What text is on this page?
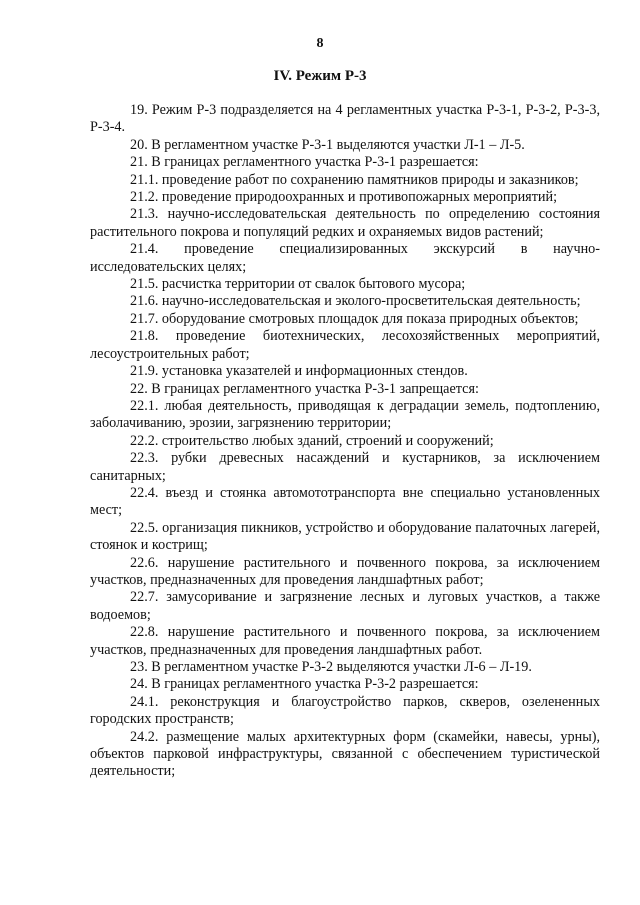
8
IV. Режим Р-3

19. Режим Р-3 подразделяется на 4 регламентных участка Р-3-1, Р-3-2, Р-3-3, Р-3-4.

20. В регламентном участке Р-3-1 выделяются участки Л-1 – Л-5.

21. В границах регламентного участка Р-3-1 разрешается:

21.1. проведение работ по сохранению памятников природы и заказников;

21.2. проведение природоохранных и противопожарных мероприятий;

21.3. научно-исследовательская деятельность по определению состояния растительного покрова и популяций редких и охраняемых видов растений;

21.4. проведение специализированных экскурсий в научно-исследовательских целях;

21.5. расчистка территории от свалок бытового мусора;

21.6. научно-исследовательская и эколого-просветительская деятельность;

21.7. оборудование смотровых площадок для показа природных объектов;

21.8. проведение биотехнических, лесохозяйственных мероприятий, лесоустроительных работ;

21.9. установка указателей и информационных стендов.

22. В границах регламентного участка Р-3-1 запрещается:

22.1. любая деятельность, приводящая к деградации земель, подтоплению, заболачиванию, эрозии, загрязнению территории;

22.2. строительство любых зданий, строений и сооружений;

22.3. рубки древесных насаждений и кустарников, за исключением санитарных;

22.4. въезд и стоянка автомототранспорта вне специально установленных мест;

22.5. организация пикников, устройство и оборудование палаточных лагерей, стоянок и кострищ;

22.6. нарушение растительного и почвенного покрова, за исключением участков, предназначенных для проведения ландшафтных работ;

22.7. замусоривание и загрязнение лесных и луговых участков, а также водоемов;

22.8. нарушение растительного и почвенного покрова, за исключением участков, предназначенных для проведения ландшафтных работ.

23. В регламентном участке Р-3-2 выделяются участки Л-6 – Л-19.

24. В границах регламентного участка Р-3-2 разрешается:

24.1. реконструкция и благоустройство парков, скверов, озелененных городских пространств;

24.2. размещение малых архитектурных форм (скамейки, навесы, урны), объектов парковой инфраструктуры, связанной с обеспечением туристической деятельности;
